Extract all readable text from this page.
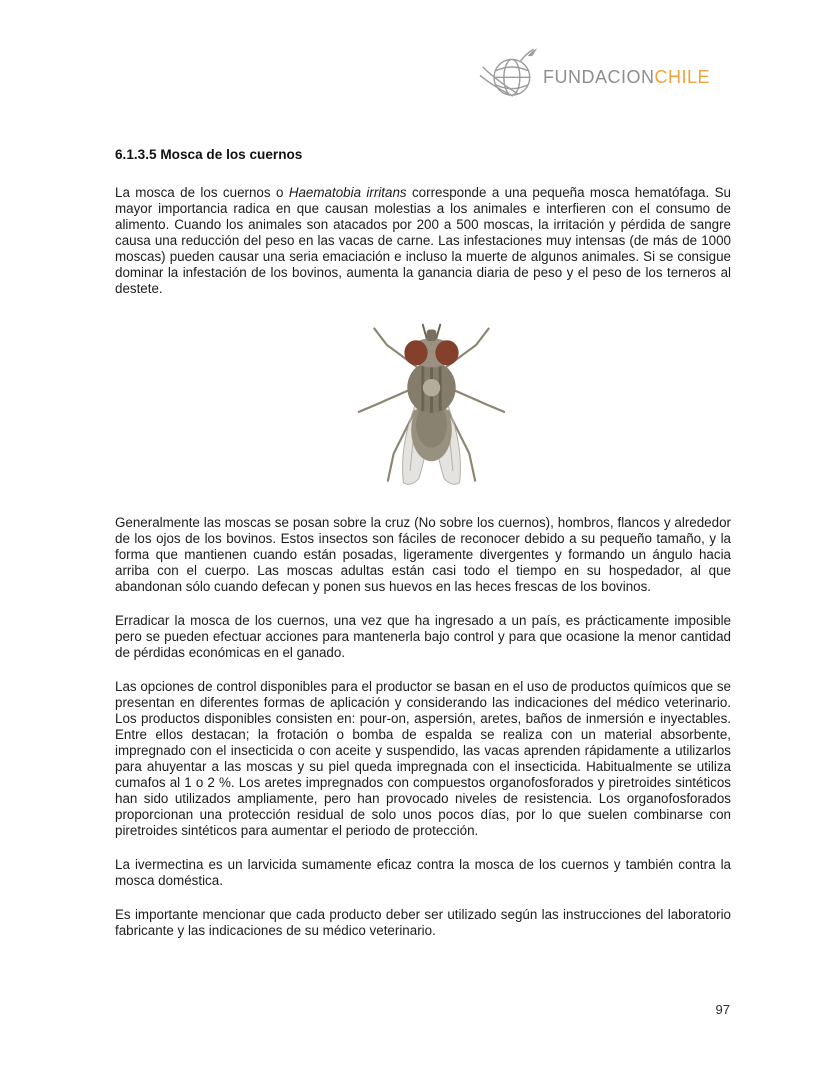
FUNDACIONCHILE
6.1.3.5 Mosca de los cuernos

La mosca de los cuernos o Haematobia irritans corresponde a una pequeña mosca hematófaga. Su mayor importancia radica en que causan molestias a los animales e interfieren con el consumo de alimento. Cuando los animales son atacados por 200 a 500 moscas, la irritación y pérdida de sangre causa una reducción del peso en las vacas de carne. Las infestaciones muy intensas (de más de 1000 moscas) pueden causar una seria emaciación e incluso la muerte de algunos animales. Si se consigue dominar la infestación de los bovinos, aumenta la ganancia diaria de peso y el peso de los terneros al destete.

Generalmente las moscas se posan sobre la cruz (No sobre los cuernos), hombros, flancos y alrededor de los ojos de los bovinos. Estos insectos son fáciles de reconocer debido a su pequeño tamaño, y la forma que mantienen cuando están posadas, ligeramente divergentes y formando un ángulo hacia arriba con el cuerpo. Las moscas adultas están casi todo el tiempo en su hospedador, al que abandonan sólo cuando defecan y ponen sus huevos en las heces frescas de los bovinos.

Erradicar la mosca de los cuernos, una vez que ha ingresado a un país, es prácticamente imposible pero se pueden efectuar acciones para mantenerla bajo control y para que ocasione la menor cantidad de pérdidas económicas en el ganado.

Las opciones de control disponibles para el productor se basan en el uso de productos químicos que se presentan en diferentes formas de aplicación y considerando las indicaciones del médico veterinario. Los productos disponibles consisten en: pour-on, aspersión, aretes, baños de inmersión e inyectables. Entre ellos destacan; la frotación o bomba de espalda se realiza con un material absorbente, impregnado con el insecticida o con aceite y suspendido, las vacas aprenden rápidamente a utilizarlos para ahuyentar a las moscas y su piel queda impregnada con el insecticida. Habitualmente se utiliza cumafos al 1 o 2 %. Los aretes impregnados con compuestos organofosforados y piretroides sintéticos han sido utilizados ampliamente, pero han provocado niveles de resistencia. Los organofosforados proporcionan una protección residual de solo unos pocos días, por lo que suelen combinarse con piretroides sintéticos para aumentar el periodo de protección.

La ivermectina es un larvicida sumamente eficaz contra la mosca de los cuernos y también contra la mosca doméstica.

Es importante mencionar que cada producto deber ser utilizado según las instrucciones del laboratorio fabricante y las indicaciones de su médico veterinario.

97
